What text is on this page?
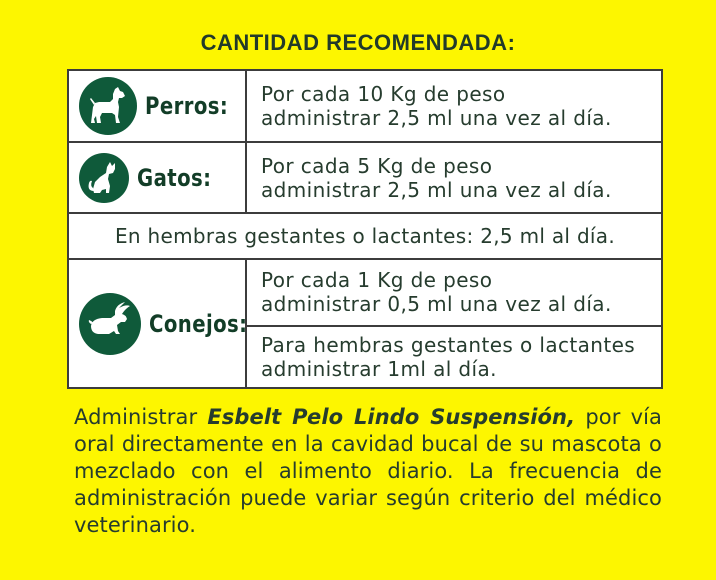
CANTIDAD RECOMENDADA:
Perros:	Por cada 10 Kg de peso
administrar 2,5 ml una vez al día.

Gatos:	Por cada 5 Kg de peso
administrar 2,5 ml una vez al día.

En hembras gestantes o lactantes: 2,5 ml al día.	

Conejos:	Por cada 1 Kg de peso
administrar 0,5 ml una vez al día.

	Para hembras gestantes o lactantes
administrar 1ml al día.
Administrar Esbelt Pelo Lindo Suspensión, por vía oral directamente en la cavidad bucal de su mascota o mezclado con el alimento diario. La frecuencia de administración puede variar según criterio del médico veterinario.
